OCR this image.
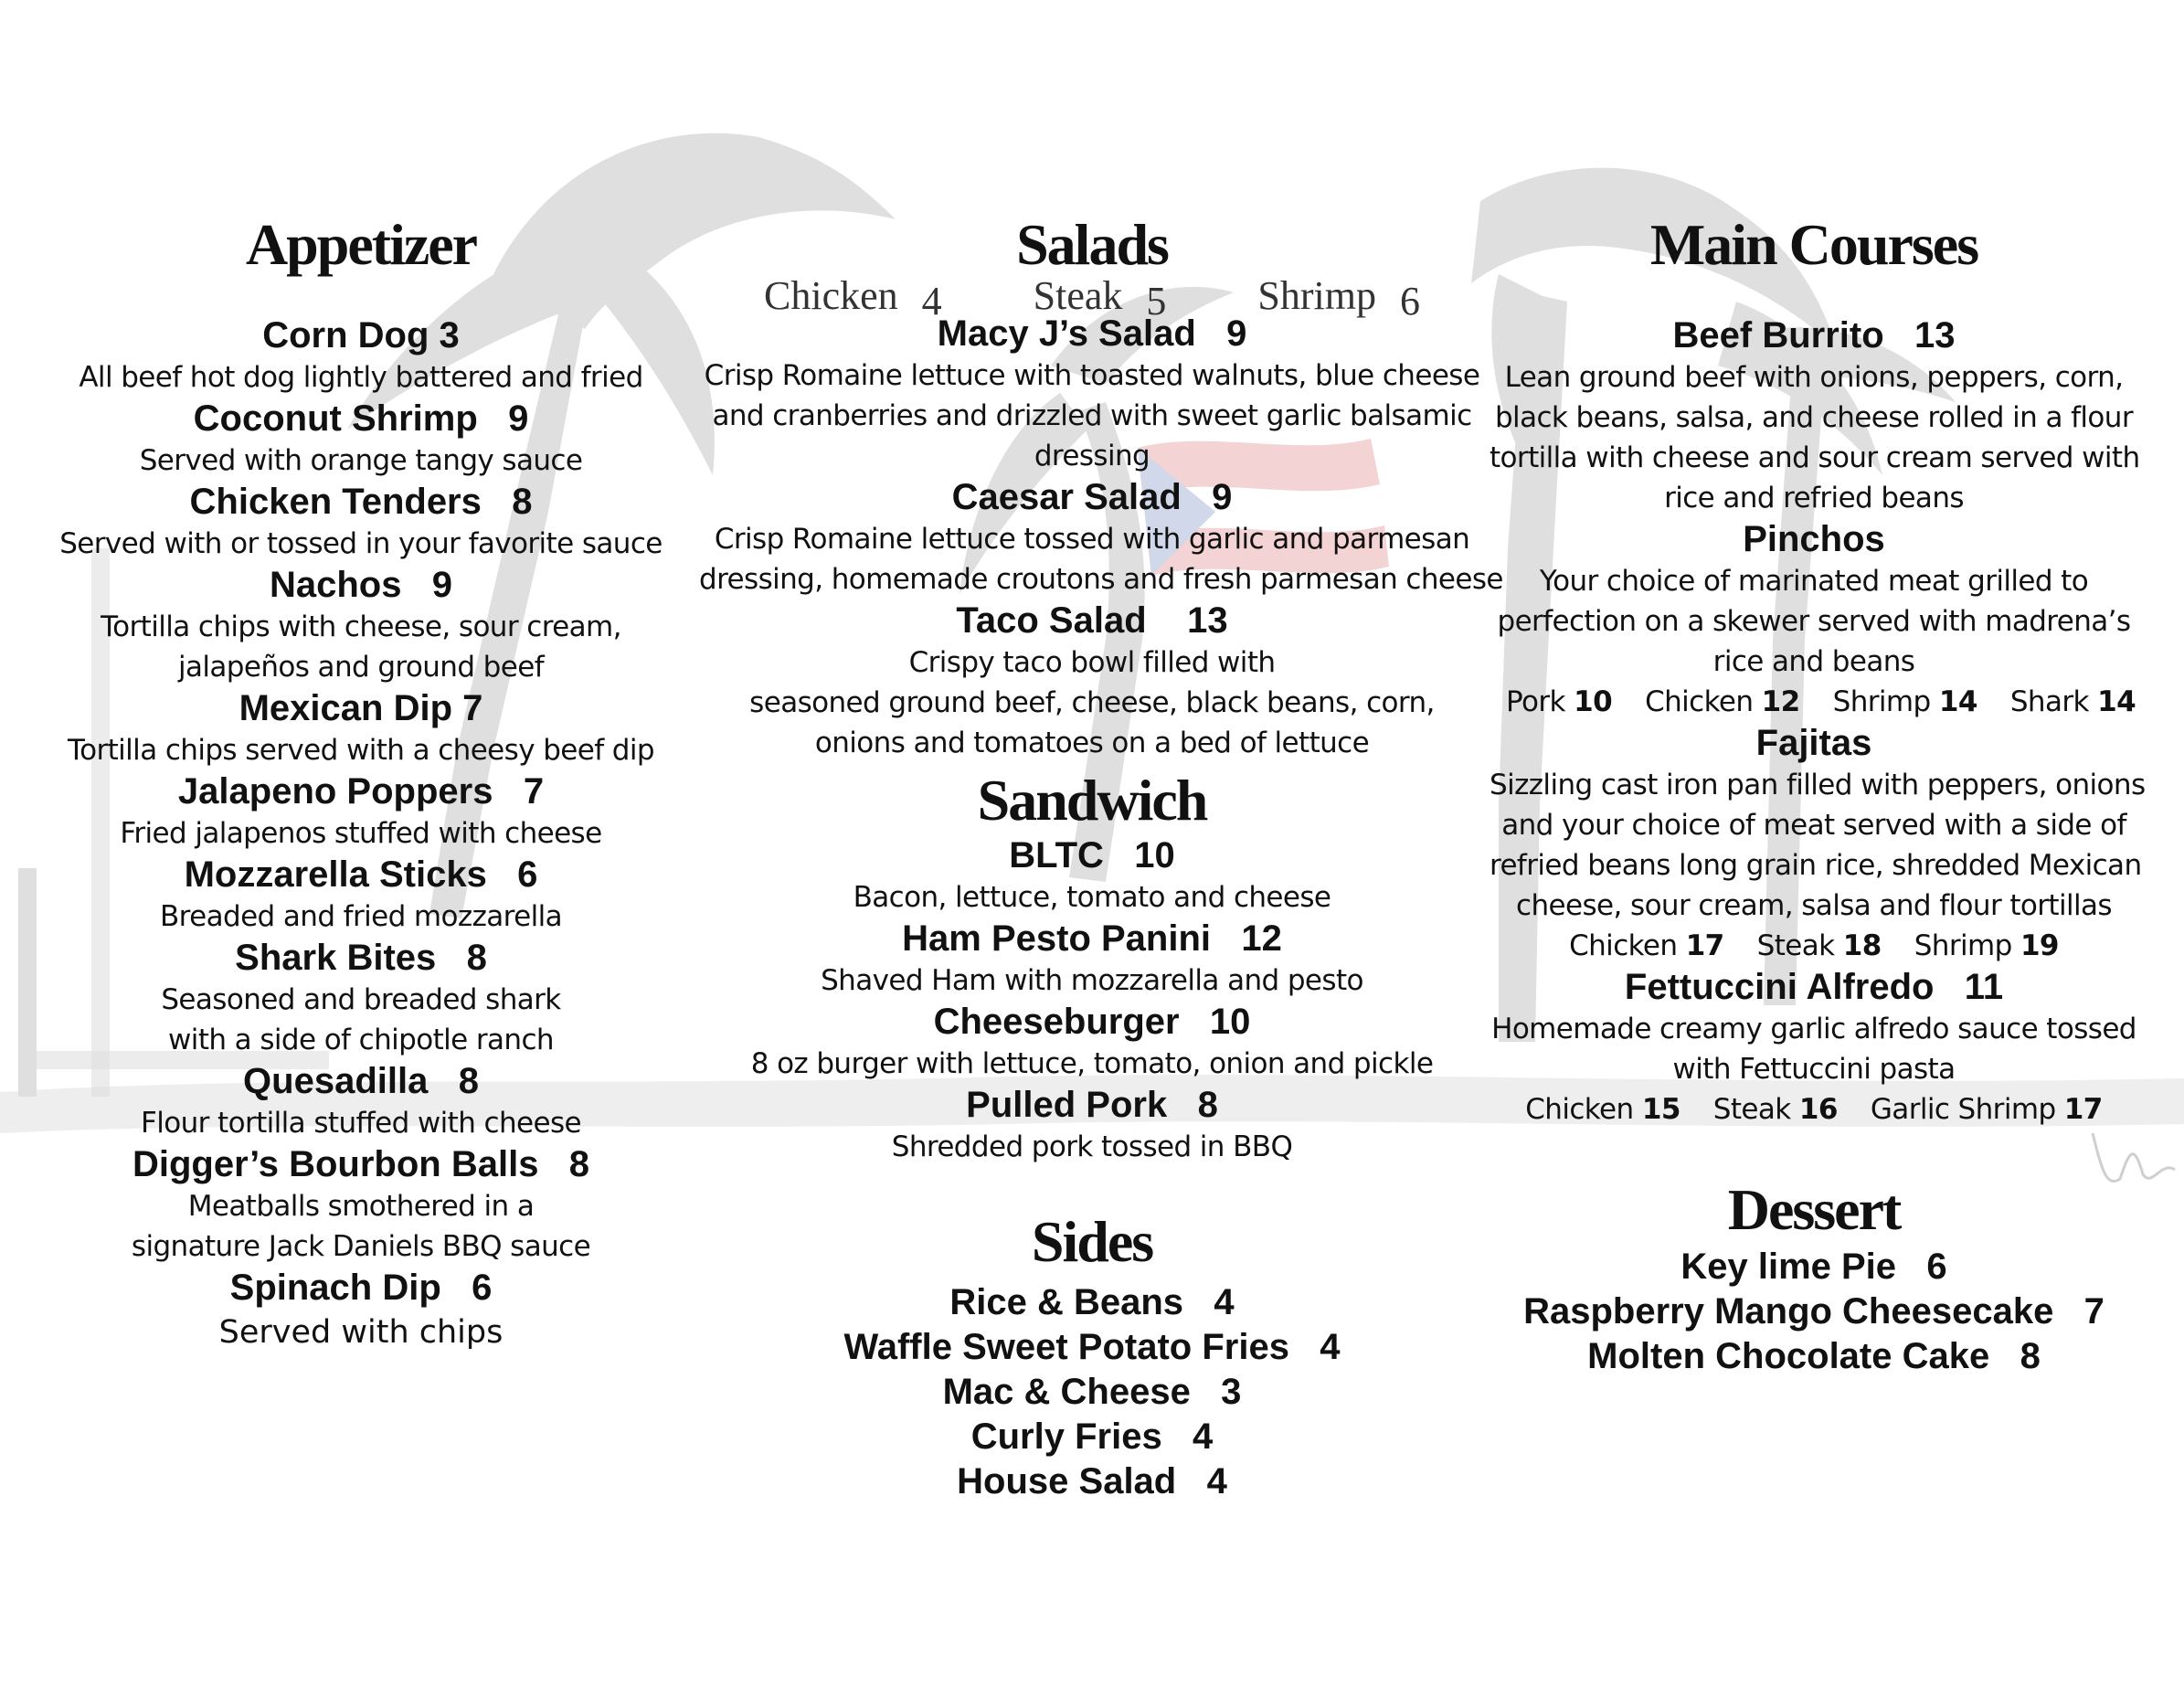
Appetizer
Corn Dog 3
All beef hot dog lightly battered and fried
Coconut Shrimp   9
Served with orange tangy sauce
Chicken Tenders   8
Served with or tossed in your favorite sauce
Nachos   9
Tortilla chips with cheese, sour cream,
jalapeños and ground beef
Mexican Dip 7
Tortilla chips served with a cheesy beef dip
Jalapeno Poppers   7
Fried jalapenos stuffed with cheese
Mozzarella Sticks   6
Breaded and fried mozzarella
Shark Bites   8
Seasoned and breaded shark
with a side of chipotle ranch
Quesadilla   8
Flour tortilla stuffed with cheese
Digger’s Bourbon Balls   8
Meatballs smothered in a
signature Jack Daniels BBQ sauce
Spinach Dip   6
Served with chips
Salads
Chicken 4 Steak 5 Shrimp 6
Macy J’s Salad   9
Crisp Romaine lettuce with toasted walnuts, blue cheese
and cranberries and drizzled with sweet garlic balsamic
dressing
Caesar Salad   9
Crisp Romaine lettuce tossed with garlic and parmesan
dressing, homemade croutons and fresh parmesan cheese
Taco Salad    13
Crispy taco bowl filled with
seasoned ground beef, cheese, black beans, corn,
onions and tomatoes on a bed of lettuce
Sandwich
BLTC   10
Bacon, lettuce, tomato and cheese
Ham Pesto Panini   12
Shaved Ham with mozzarella and pesto
Cheeseburger   10
8 oz burger with lettuce, tomato, onion and pickle
Pulled Pork   8
Shredded pork tossed in BBQ
Sides
Rice & Beans   4
Waffle Sweet Potato Fries   4
Mac & Cheese   3
Curly Fries   4
House Salad   4
Main Courses
Beef Burrito   13
Lean ground beef with onions, peppers, corn,
black beans, salsa, and cheese rolled in a flour
tortilla with cheese and sour cream served with
rice and refried beans
Pinchos
Your choice of marinated meat grilled to
perfection on a skewer served with madrena’s
rice and beans
Pork 10 Chicken 12 Shrimp 14 Shark 14
Fajitas
Sizzling cast iron pan filled with peppers, onions
and your choice of meat served with a side of
refried beans long grain rice, shredded Mexican
cheese, sour cream, salsa and flour tortillas
Chicken 17 Steak 18 Shrimp 19
Fettuccini Alfredo   11
Homemade creamy garlic alfredo sauce tossed
with Fettuccini pasta
Chicken 15 Steak 16 Garlic Shrimp 17
Dessert
Key lime Pie   6
Raspberry Mango Cheesecake   7
Molten Chocolate Cake   8
